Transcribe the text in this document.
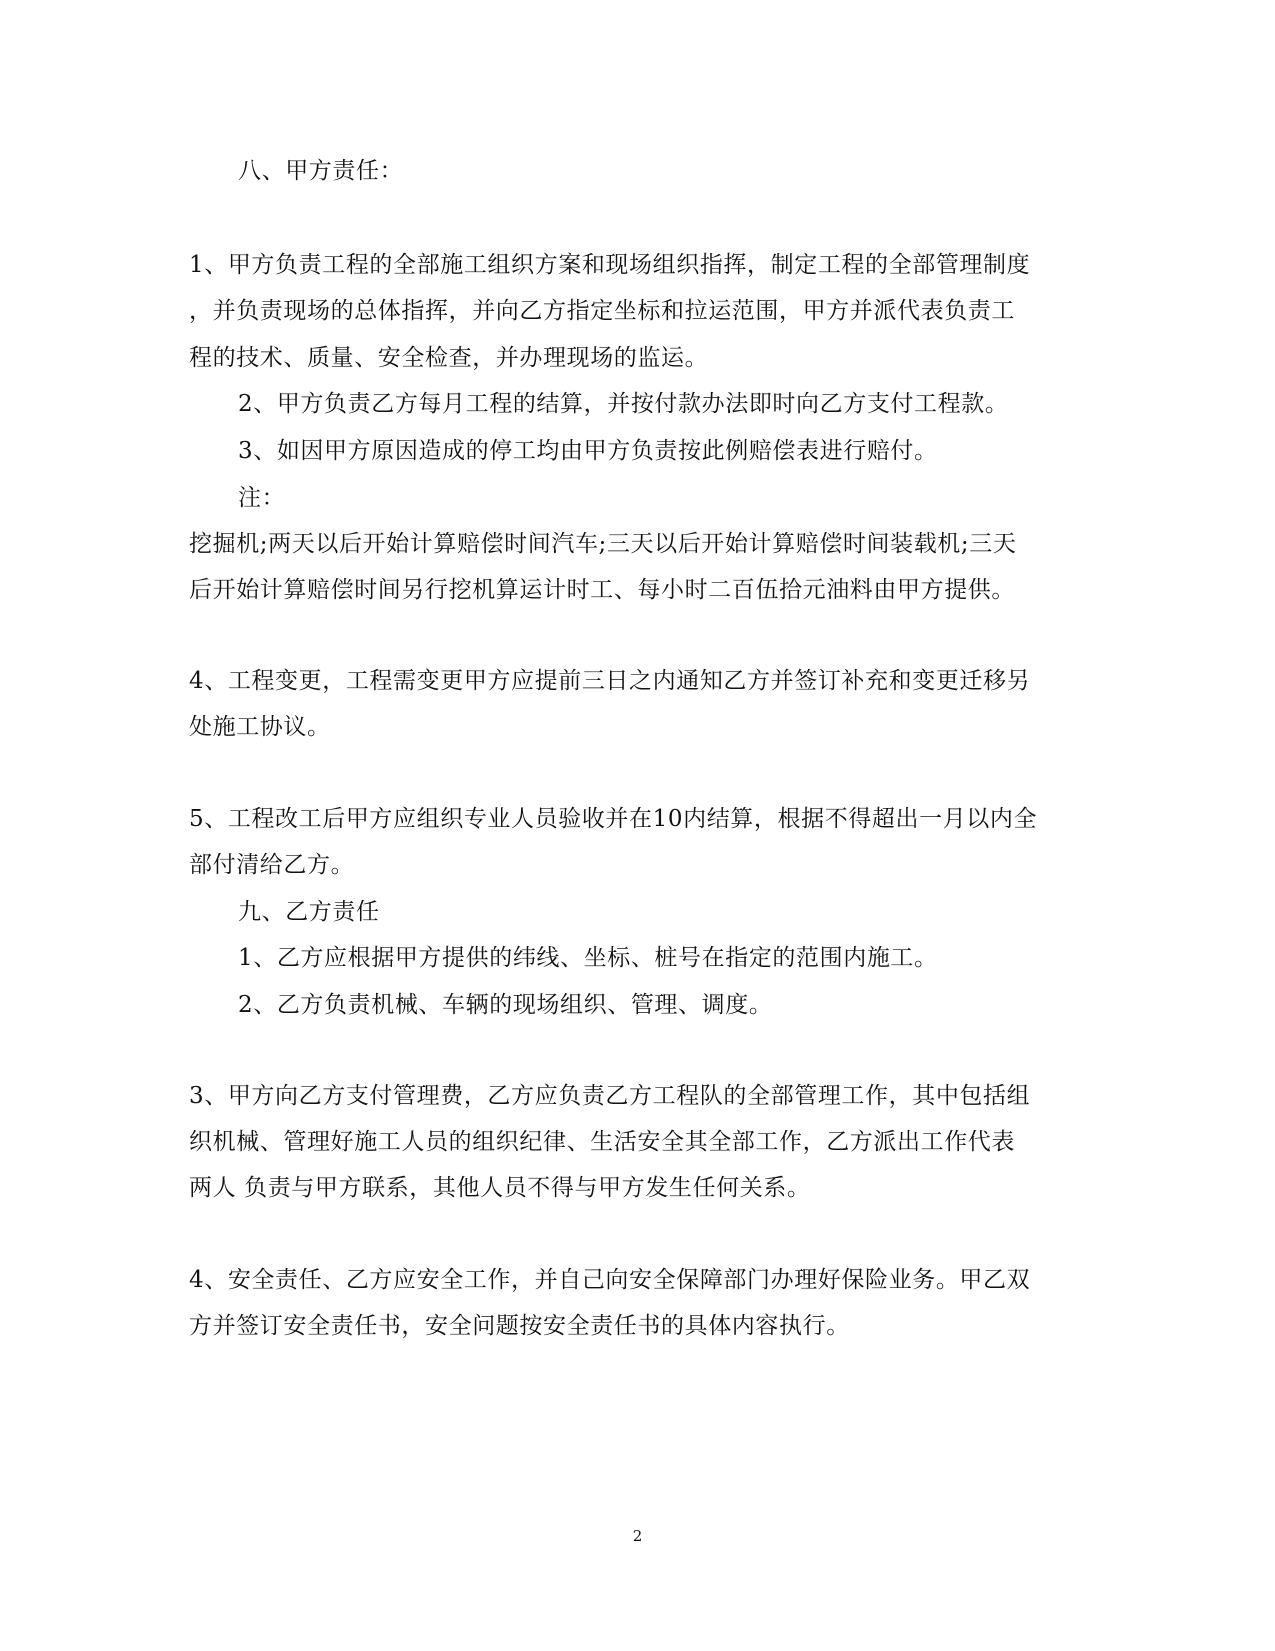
八、甲方责任：
1、甲方负责工程的全部施工组织方案和现场组织指挥，制定工程的全部管理制度
，并负责现场的总体指挥，并向乙方指定坐标和拉运范围，甲方并派代表负责工
程的技术、质量、安全检查，并办理现场的监运。
2、甲方负责乙方每月工程的结算，并按付款办法即时向乙方支付工程款。
3、如因甲方原因造成的停工均由甲方负责按此例赔偿表进行赔付。
注：
挖掘机;两天以后开始计算赔偿时间汽车;三天以后开始计算赔偿时间装载机;三天
后开始计算赔偿时间另行挖机算运计时工、每小时二百伍拾元油料由甲方提供。
4、工程变更，工程需变更甲方应提前三日之内通知乙方并签订补充和变更迁移另
处施工协议。
5、工程改工后甲方应组织专业人员验收并在10内结算，根据不得超出一月以内全
部付清给乙方。
九、乙方责任
1、乙方应根据甲方提供的纬线、坐标、桩号在指定的范围内施工。
2、乙方负责机械、车辆的现场组织、管理、调度。
3、甲方向乙方支付管理费，乙方应负责乙方工程队的全部管理工作，其中包括组
织机械、管理好施工人员的组织纪律、生活安全其全部工作，乙方派出工作代表
两人 负责与甲方联系，其他人员不得与甲方发生任何关系。
4、安全责任、乙方应安全工作，并自己向安全保障部门办理好保险业务。甲乙双
方并签订安全责任书，安全问题按安全责任书的具体内容执行。
2
